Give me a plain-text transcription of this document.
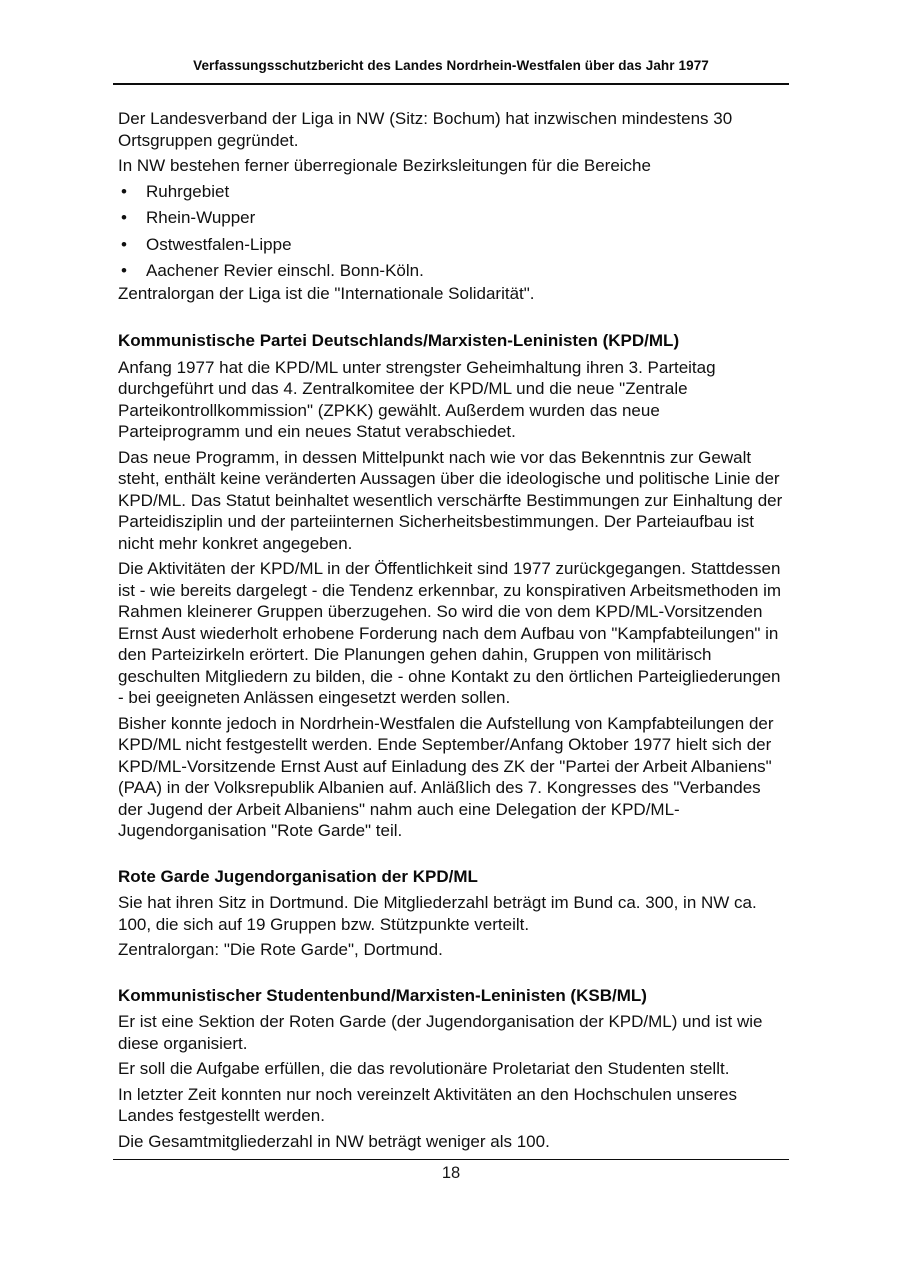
Verfassungsschutzbericht des Landes Nordrhein-Westfalen über das Jahr 1977

Der Landesverband der Liga in NW (Sitz: Bochum) hat inzwischen mindestens 30 Ortsgruppen gegründet.

In NW bestehen ferner überregionale Bezirksleitungen für die Bereiche

• Ruhrgebiet
• Rhein-Wupper
• Ostwestfalen-Lippe
• Aachener Revier einschl. Bonn-Köln.

Zentralorgan der Liga ist die "Internationale Solidarität".

Kommunistische Partei Deutschlands/Marxisten-Leninisten (KPD/ML)

Anfang 1977 hat die KPD/ML unter strengster Geheimhaltung ihren 3. Parteitag durchgeführt und das 4. Zentralkomitee der KPD/ML und die neue "Zentrale Parteikontrollkommission" (ZPKK) gewählt. Außerdem wurden das neue Parteiprogramm und ein neues Statut verabschiedet.

Das neue Programm, in dessen Mittelpunkt nach wie vor das Bekenntnis zur Gewalt steht, enthält keine veränderten Aussagen über die ideologische und politische Linie der KPD/ML. Das Statut beinhaltet wesentlich verschärfte Bestimmungen zur Einhaltung der Parteidisziplin und der parteiinternen Sicherheitsbestimmungen. Der Parteiaufbau ist nicht mehr konkret angegeben.

Die Aktivitäten der KPD/ML in der Öffentlichkeit sind 1977 zurückgegangen. Stattdessen ist - wie bereits dargelegt - die Tendenz erkennbar, zu konspirativen Arbeitsmethoden im Rahmen kleinerer Gruppen überzugehen. So wird die von dem KPD/ML-Vorsitzenden Ernst Aust wiederholt erhobene Forderung nach dem Aufbau von "Kampfabteilungen" in den Parteizirkeln erörtert. Die Planungen gehen dahin, Gruppen von militärisch geschulten Mitgliedern zu bilden, die - ohne Kontakt zu den örtlichen Parteigliederungen - bei geeigneten Anlässen eingesetzt werden sollen.

Bisher konnte jedoch in Nordrhein-Westfalen die Aufstellung von Kampfabteilungen der KPD/ML nicht festgestellt werden. Ende September/Anfang Oktober 1977 hielt sich der KPD/ML-Vorsitzende Ernst Aust auf Einladung des ZK der "Partei der Arbeit Albaniens" (PAA) in der Volksrepublik Albanien auf. Anläßlich des 7. Kongresses des "Verbandes der Jugend der Arbeit Albaniens" nahm auch eine Delegation der KPD/ML-Jugendorganisation "Rote Garde" teil.

Rote Garde Jugendorganisation der KPD/ML

Sie hat ihren Sitz in Dortmund. Die Mitgliederzahl beträgt im Bund ca. 300, in NW ca. 100, die sich auf 19 Gruppen bzw. Stützpunkte verteilt.

Zentralorgan: "Die Rote Garde", Dortmund.

Kommunistischer Studentenbund/Marxisten-Leninisten (KSB/ML)

Er ist eine Sektion der Roten Garde (der Jugendorganisation der KPD/ML) und ist wie diese organisiert.

Er soll die Aufgabe erfüllen, die das revolutionäre Proletariat den Studenten stellt.

In letzter Zeit konnten nur noch vereinzelt Aktivitäten an den Hochschulen unseres Landes festgestellt werden.

Die Gesamtmitgliederzahl in NW beträgt weniger als 100.

18
